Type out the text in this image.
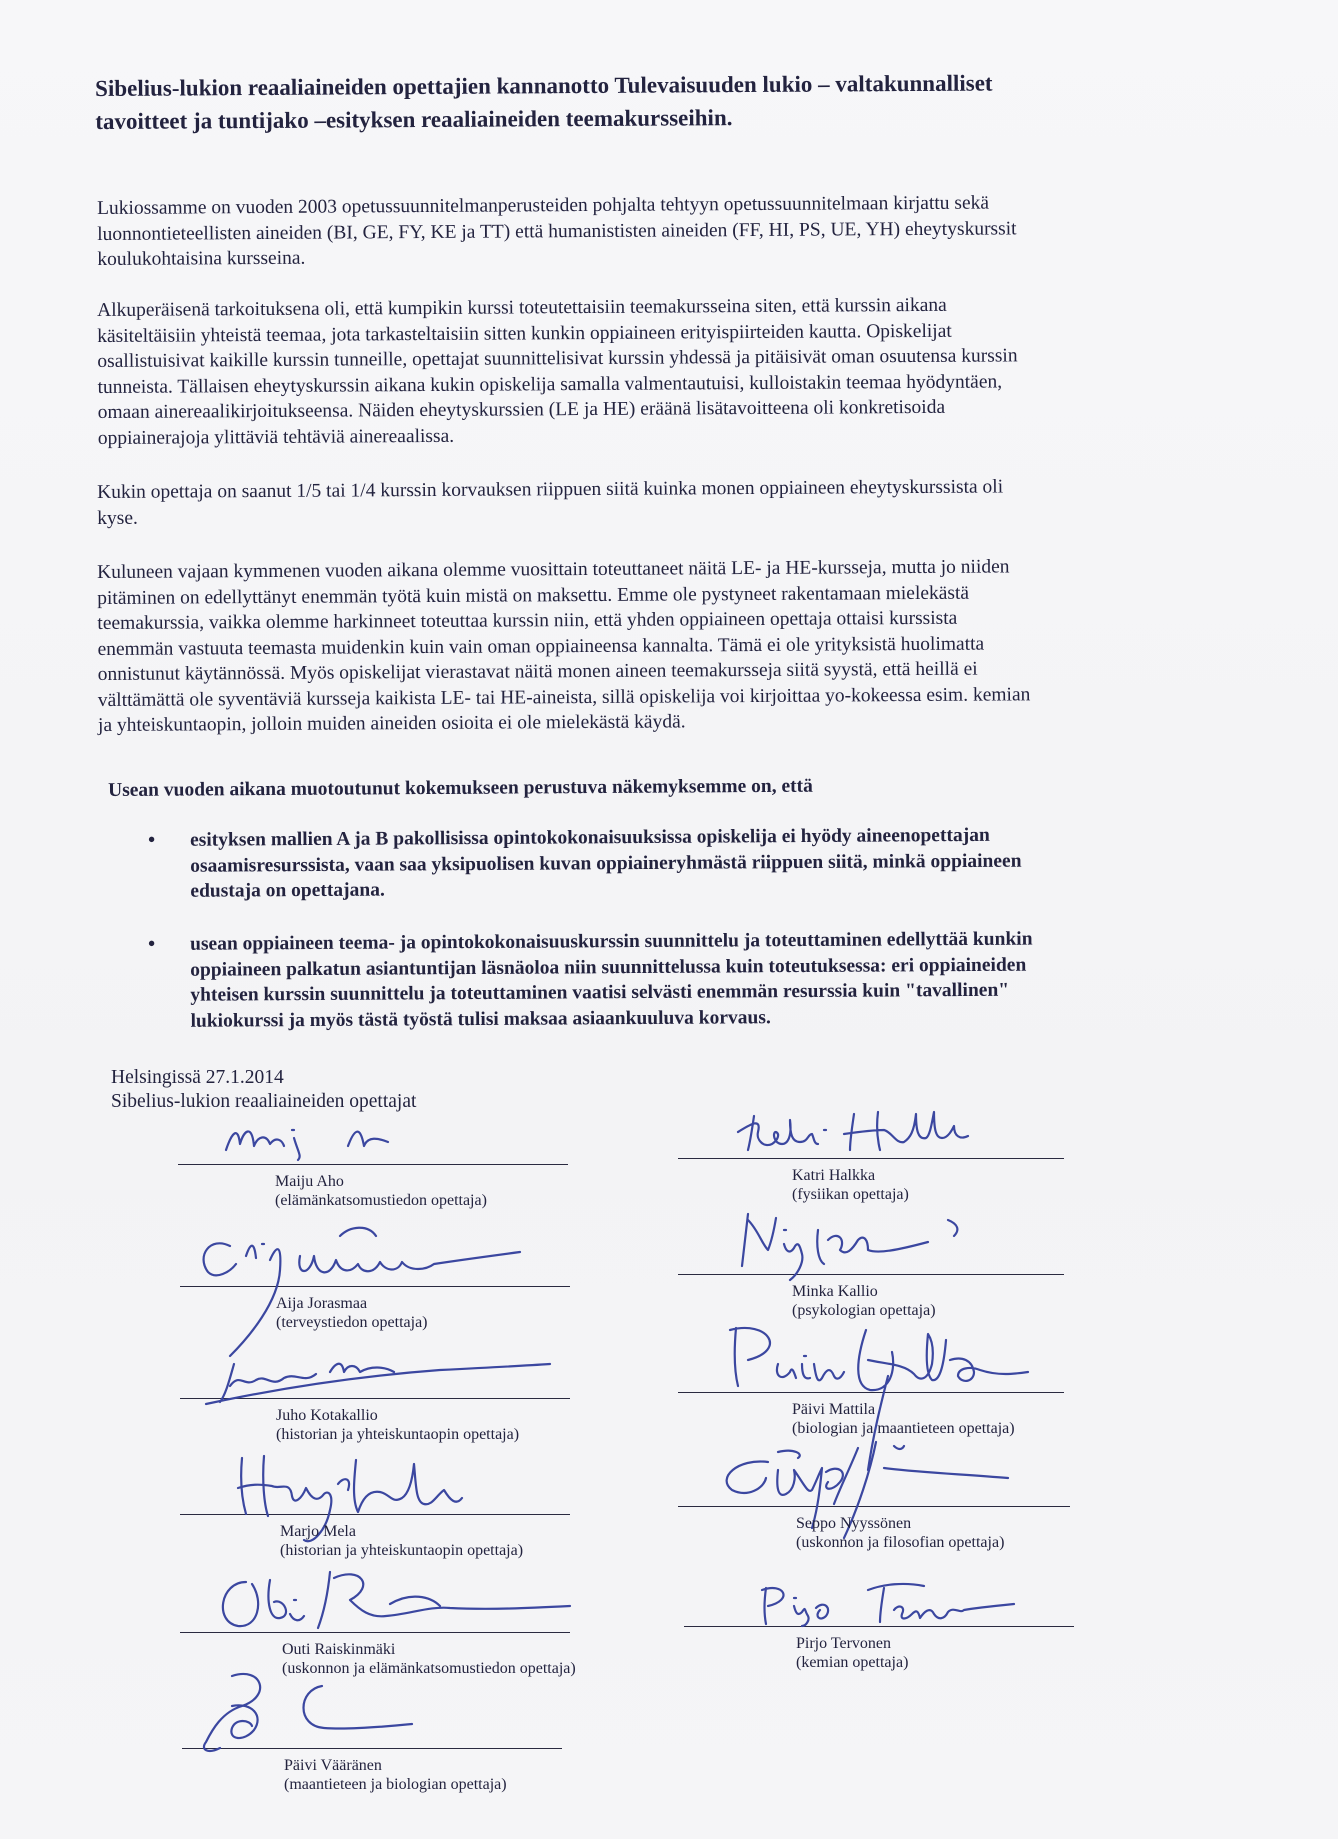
Sibelius-lukion reaaliaineiden opettajien kannanotto Tulevaisuuden lukio – valtakunnalliset
tavoitteet ja tuntijako –esityksen reaaliaineiden teemakursseihin.
Lukiossamme on vuoden 2003 opetussuunnitelmanperusteiden pohjalta tehtyyn opetussuunnitelmaan kirjattu sekä
luonnontieteellisten aineiden (BI, GE, FY, KE ja TT) että humanististen aineiden (FF, HI, PS, UE, YH) eheytyskurssit
koulukohtaisina kursseina.
Alkuperäisenä tarkoituksena oli, että kumpikin kurssi toteutettaisiin teemakursseina siten, että kurssin aikana
käsiteltäisiin yhteistä teemaa, jota tarkasteltaisiin sitten kunkin oppiaineen erityispiirteiden kautta. Opiskelijat
osallistuisivat kaikille kurssin tunneille, opettajat suunnittelisivat kurssin yhdessä ja pitäisivät oman osuutensa kurssin
tunneista. Tällaisen eheytyskurssin aikana kukin opiskelija samalla valmentautuisi, kulloistakin teemaa hyödyntäen,
omaan ainereaalikirjoitukseensa. Näiden eheytyskurssien (LE ja HE) eräänä lisätavoitteena oli konkretisoida
oppiainerajoja ylittäviä tehtäviä ainereaalissa.
Kukin opettaja on saanut 1/5 tai 1/4 kurssin korvauksen riippuen siitä kuinka monen oppiaineen eheytyskurssista oli
kyse.
Kuluneen vajaan kymmenen vuoden aikana olemme vuosittain toteuttaneet näitä LE- ja HE-kursseja, mutta jo niiden
pitäminen on edellyttänyt enemmän työtä kuin mistä on maksettu. Emme ole pystyneet rakentamaan mielekästä
teemakurssia, vaikka olemme harkinneet toteuttaa kurssin niin, että yhden oppiaineen opettaja ottaisi kurssista
enemmän vastuuta teemasta muidenkin kuin vain oman oppiaineensa kannalta. Tämä ei ole yrityksistä huolimatta
onnistunut käytännössä. Myös opiskelijat vierastavat näitä monen aineen teemakursseja siitä syystä, että heillä ei
välttämättä ole syventäviä kursseja kaikista LE- tai HE-aineista, sillä opiskelija voi kirjoittaa yo-kokeessa esim. kemian
ja yhteiskuntaopin, jolloin muiden aineiden osioita ei ole mielekästä käydä.
Usean vuoden aikana muotoutunut kokemukseen perustuva näkemyksemme on, että
• esityksen mallien A ja B pakollisissa opintokokonaisuuksissa opiskelija ei hyödy aineenopettajan
osaamisresurssista, vaan saa yksipuolisen kuvan oppiaineryhmästä riippuen siitä, minkä oppiaineen
edustaja on opettajana.
• usean oppiaineen teema- ja opintokokonaisuuskurssin suunnittelu ja toteuttaminen edellyttää kunkin
oppiaineen palkatun asiantuntijan läsnäoloa niin suunnittelussa kuin toteutuksessa: eri oppiaineiden
yhteisen kurssin suunnittelu ja toteuttaminen vaatisi selvästi enemmän resurssia kuin "tavallinen"
lukiokurssi ja myös tästä työstä tulisi maksaa asiaankuuluva korvaus.
Helsingissä 27.1.2014
Sibelius-lukion reaaliaineiden opettajat
Maiju Aho
(elämänkatsomustiedon opettaja)
Aija Jorasmaa
(terveystiedon opettaja)
Juho Kotakallio
(historian ja yhteiskuntaopin opettaja)
Marjo Mela
(historian ja yhteiskuntaopin opettaja)
Outi Raiskinmäki
(uskonnon ja elämänkatsomustiedon opettaja)
Päivi Vääränen
(maantieteen ja biologian opettaja)
Katri Halkka
(fysiikan opettaja)
Minka Kallio
(psykologian opettaja)
Päivi Mattila
(biologian ja maantieteen opettaja)
Seppo Nyyssönen
(uskonnon ja filosofian opettaja)
Pirjo Tervonen
(kemian opettaja)
